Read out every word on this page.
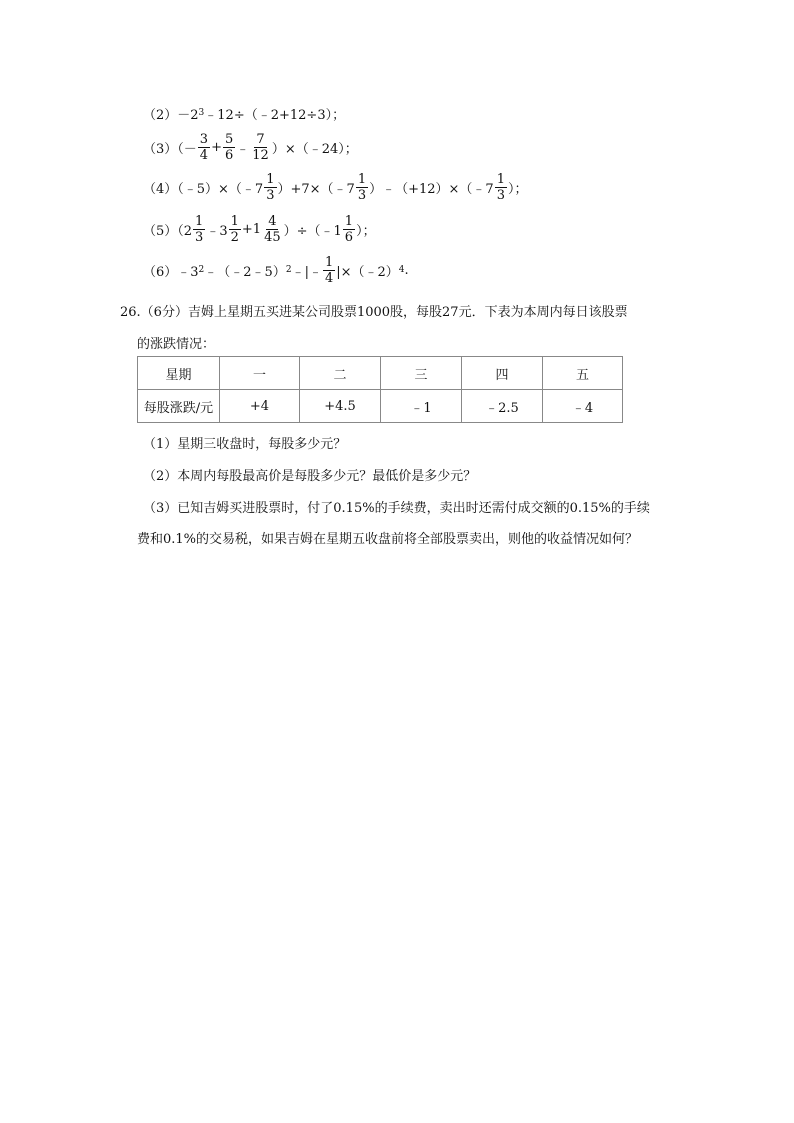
（2）－2 3 ﹣12÷（﹣2+12÷3）；
$(3)(- \frac{3}{4} + \frac{5}{6}$ ﹣ $\frac{7}{12}$ ）×（﹣24）；
（4）（﹣5）×（﹣7 $\frac{1}{3}$ ）+7×（﹣7 $\frac{1}{3}$ ）﹣（+12）×（﹣7 $\frac{1}{3}$ ）；
$(5)(2 \frac{1}{3}$ ﹣3 $\frac{1}{2} +1 \frac{4}{45}$ ）÷（﹣1 $\frac{1}{6}$ ）；
（6）﹣3 2 ﹣（﹣2﹣5） 2 ﹣|﹣ $\frac{1}{4}$ |×（﹣2） 4 .
26.（6分）吉姆上星期五买进某公司股票1000股，每股27元．下表为本周内每日该股票
的涨跌情况：
星期	一	二	三	四	五
每股涨跌/元	+4	+4.5	﹣1	﹣2.5	﹣4
（1）星期三收盘时，每股多少元？
（2）本周内每股最高价是每股多少元？最低价是多少元？
（3）已知吉姆买进股票时，付了0.15%的手续费，卖出时还需付成交额的0.15%的手续
费和0.1%的交易税，如果吉姆在星期五收盘前将全部股票卖出，则他的收益情况如何？
